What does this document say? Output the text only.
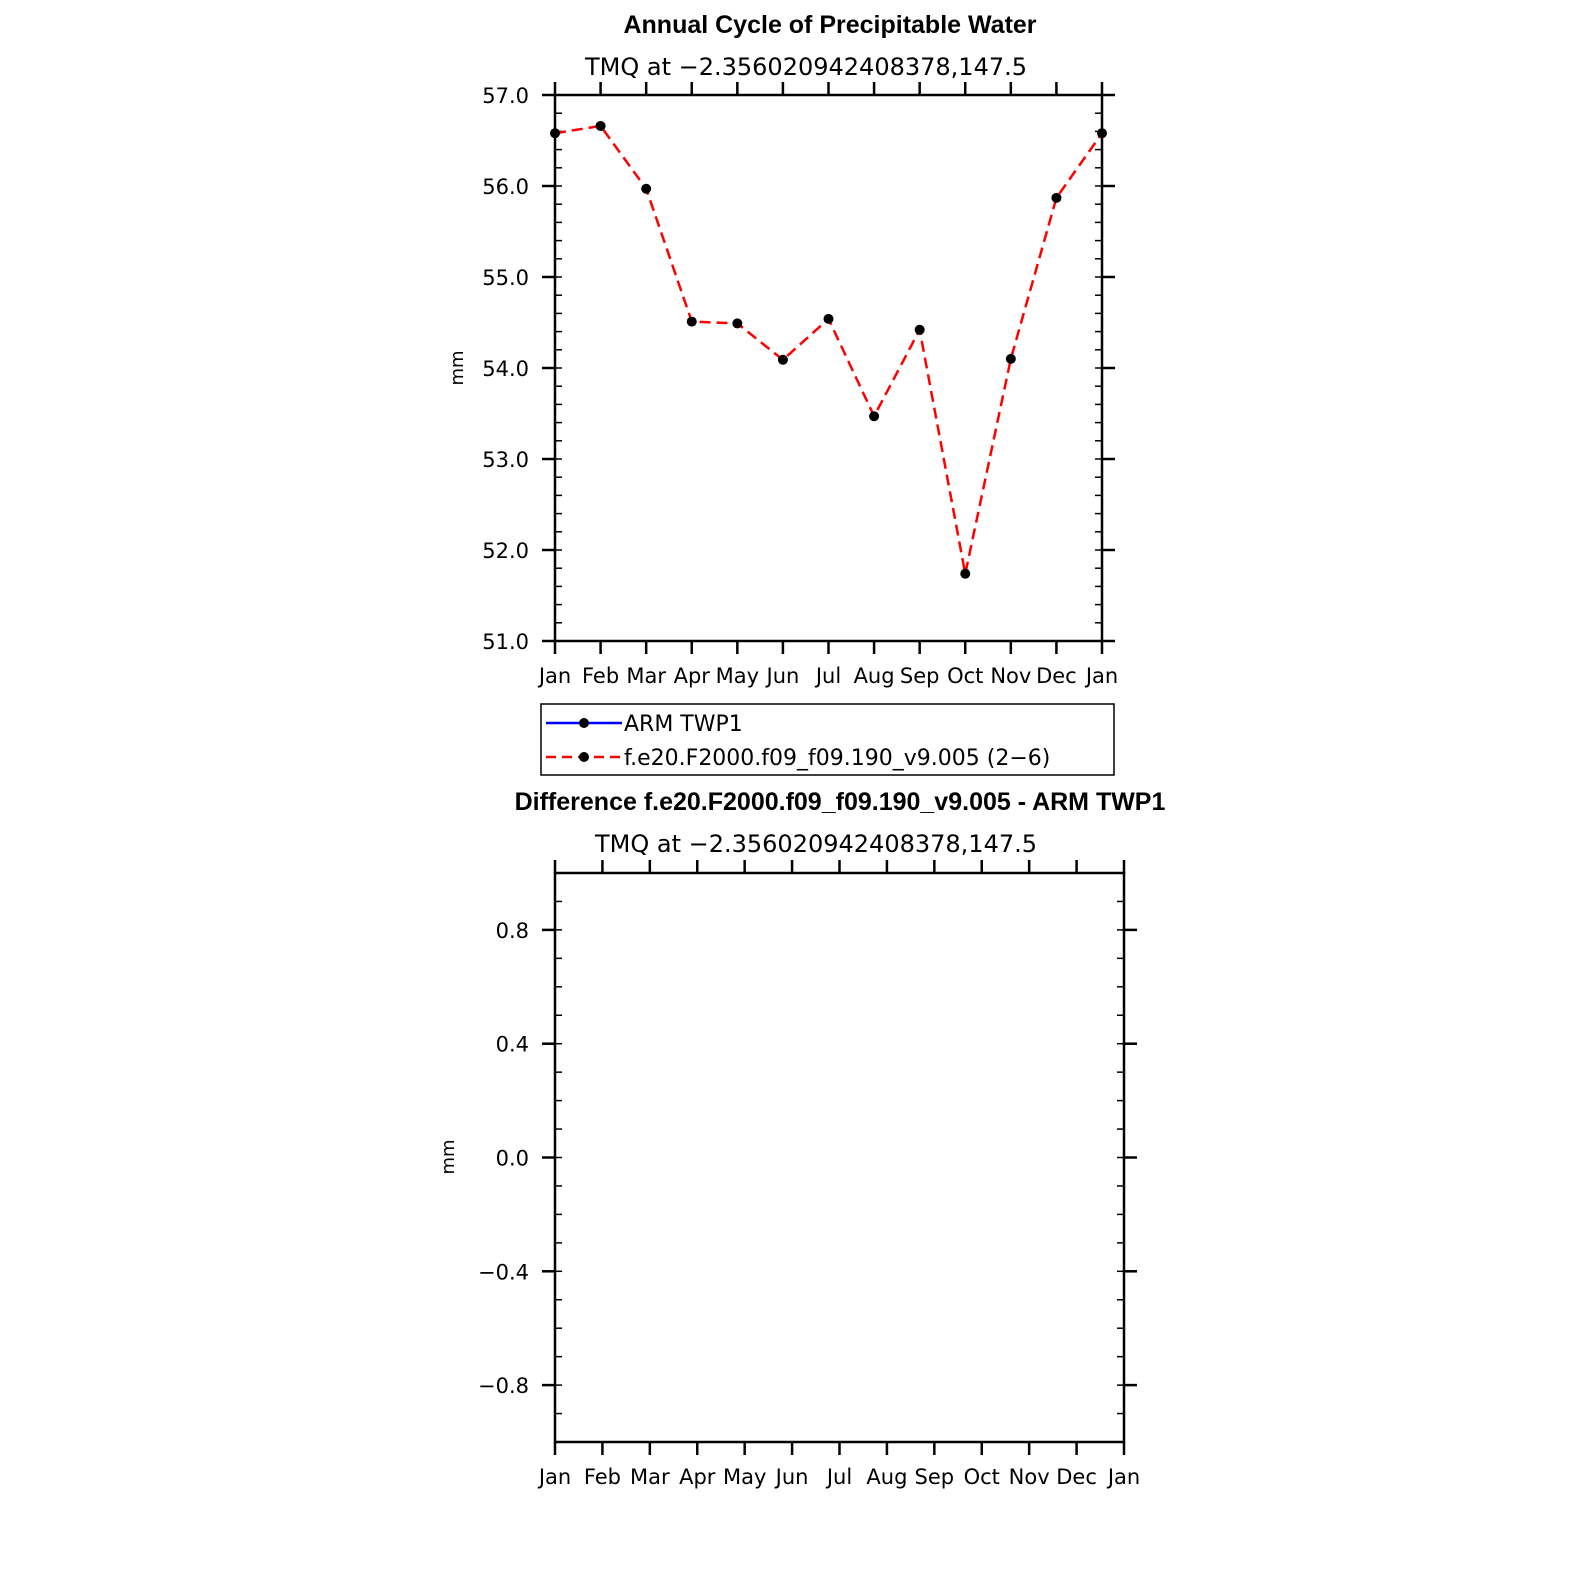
Annual Cycle of Precipitable Water
TMQ at −2.356020942408378,147.5
mm
51.0
52.0
53.0
54.0
55.0
56.0
57.0
Jan Feb Mar Apr May Jun Jul Aug Sep Oct Nov Dec Jan
ARM TWP1
f.e20.F2000.f09_f09.190_v9.005 (2−6)
Difference f.e20.F2000.f09_f09.190_v9.005 - ARM TWP1
TMQ at −2.356020942408378,147.5
mm
−0.8
−0.4
0.0
0.4
0.8
Jan Feb Mar Apr May Jun Jul Aug Sep Oct Nov Dec Jan
